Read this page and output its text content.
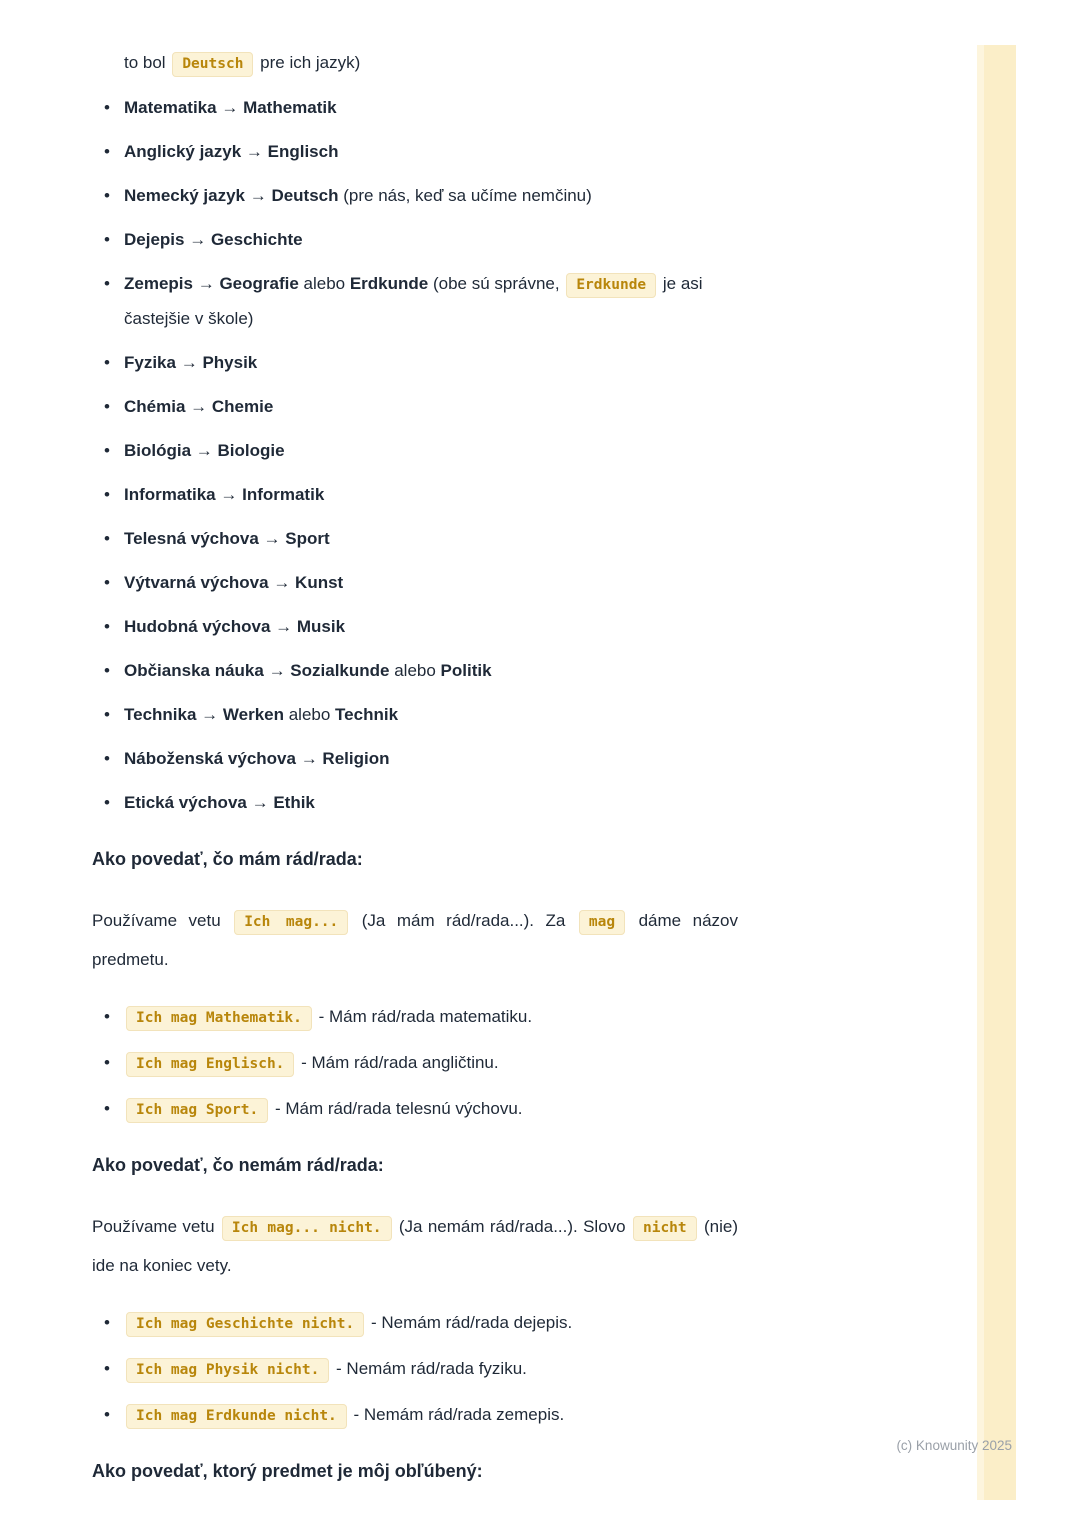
to bol Deutsch pre ich jazyk)

• Matematika → Mathematik
• Anglický jazyk → Englisch
• Nemecký jazyk → Deutsch (pre nás, keď sa učíme nemčinu)
• Dejepis → Geschichte
• Zemepis → Geografie alebo Erdkunde (obe sú správne, Erdkunde je asi častejšie v škole)
• Fyzika → Physik
• Chémia → Chemie
• Biológia → Biologie
• Informatika → Informatik
• Telesná výchova → Sport
• Výtvarná výchova → Kunst
• Hudobná výchova → Musik
• Občianska náuka → Sozialkunde alebo Politik
• Technika → Werken alebo Technik
• Náboženská výchova → Religion
• Etická výchova → Ethik
Ako povedať, čo mám rád/rada:

Používame vetu Ich mag... (Ja mám rád/rada...). Za mag dáme názov predmetu.

• Ich mag Mathematik. - Mám rád/rada matematiku.
• Ich mag Englisch. - Mám rád/rada angličtinu.
• Ich mag Sport. - Mám rád/rada telesnú výchovu.
Ako povedať, čo nemám rád/rada:

Používame vetu Ich mag... nicht. (Ja nemám rád/rada...). Slovo nicht (nie) ide na koniec vety.

• Ich mag Geschichte nicht. - Nemám rád/rada dejepis.
• Ich mag Physik nicht. - Nemám rád/rada fyziku.
• Ich mag Erdkunde nicht. - Nemám rád/rada zemepis.
Ako povedať, ktorý predmet je môj obľúbený:
(c) Knowunity 2025
